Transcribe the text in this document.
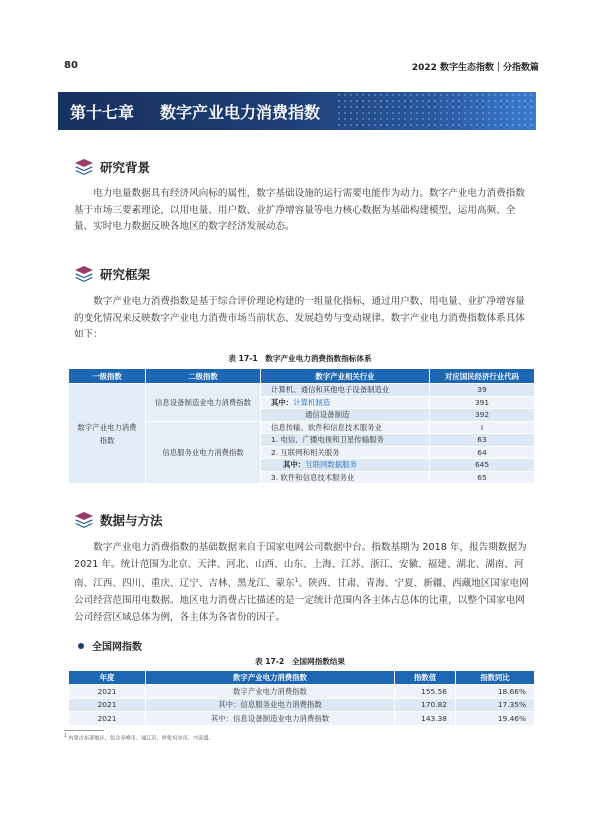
80	2022 数字生态指数｜分指数篇
第十七章 数字产业电力消费指数
研究背景
电力电量数据具有经济风向标的属性，数字基础设施的运行需要电能作为动力。数字产业电力消费指数基于市场三要素理论，以用电量、用户数、业扩净增容量等电力核心数据为基础构建模型，运用高频、全量、实时电力数据反映各地区的数字经济发展动态。
研究框架
数字产业电力消费指数是基于综合评价理论构建的一组量化指标，通过用户数、用电量、业扩净增容量的变化情况来反映数字产业电力消费市场当前状态、发展趋势与变动规律。数字产业电力消费指数体系具体如下：
表 17-1　数字产业电力消费指数指标体系
一级指数	二级指数	数字产业相关行业	对应国民经济行业代码

数字产业电力消费指数	信息设备制造业电力消费指数	计算机、通信和其他电子设备制造业	39
		其中：计算机制造	391
		通信设备制造	392
	信息服务业电力消费指数	信息传输、软件和信息技术服务业	I
		1. 电信、广播电视和卫星传输服务	63
		2. 互联网和相关服务	64
		其中：互联网数据服务	645
		3. 软件和信息技术服务业	65
数据与方法
数字产业电力消费指数的基础数据来自于国家电网公司数据中台。指数基期为 2018 年，报告期数据为 2021 年。统计范围为北京、天津、河北、山西、山东、上海、江苏、浙江、安徽、福建、湖北、湖南、河南、江西、四川、重庆、辽宁、吉林、黑龙江、蒙东$^1$、陕西、甘肃、青海、宁夏、新疆、西藏地区国家电网公司经营范围用电数据。地区电力消费占比描述的是一定统计范围内各主体占总体的比重，以整个国家电网公司经营区域总体为例，各主体为各省份的因子。
全国网指数
表 17-2　全国网指数结果
年度	数字产业电力消费指数	指数值	指数同比
2021	数字产业电力消费指数	155.56	18.66%
2021	其中：信息服务业电力消费指数	170.82	17.35%
2021	其中：信息设备制造业电力消费指数	143.38	19.46%
$^1$ 内蒙古东部地区，包含赤峰市、通辽市、呼伦贝尔市、兴安盟。
